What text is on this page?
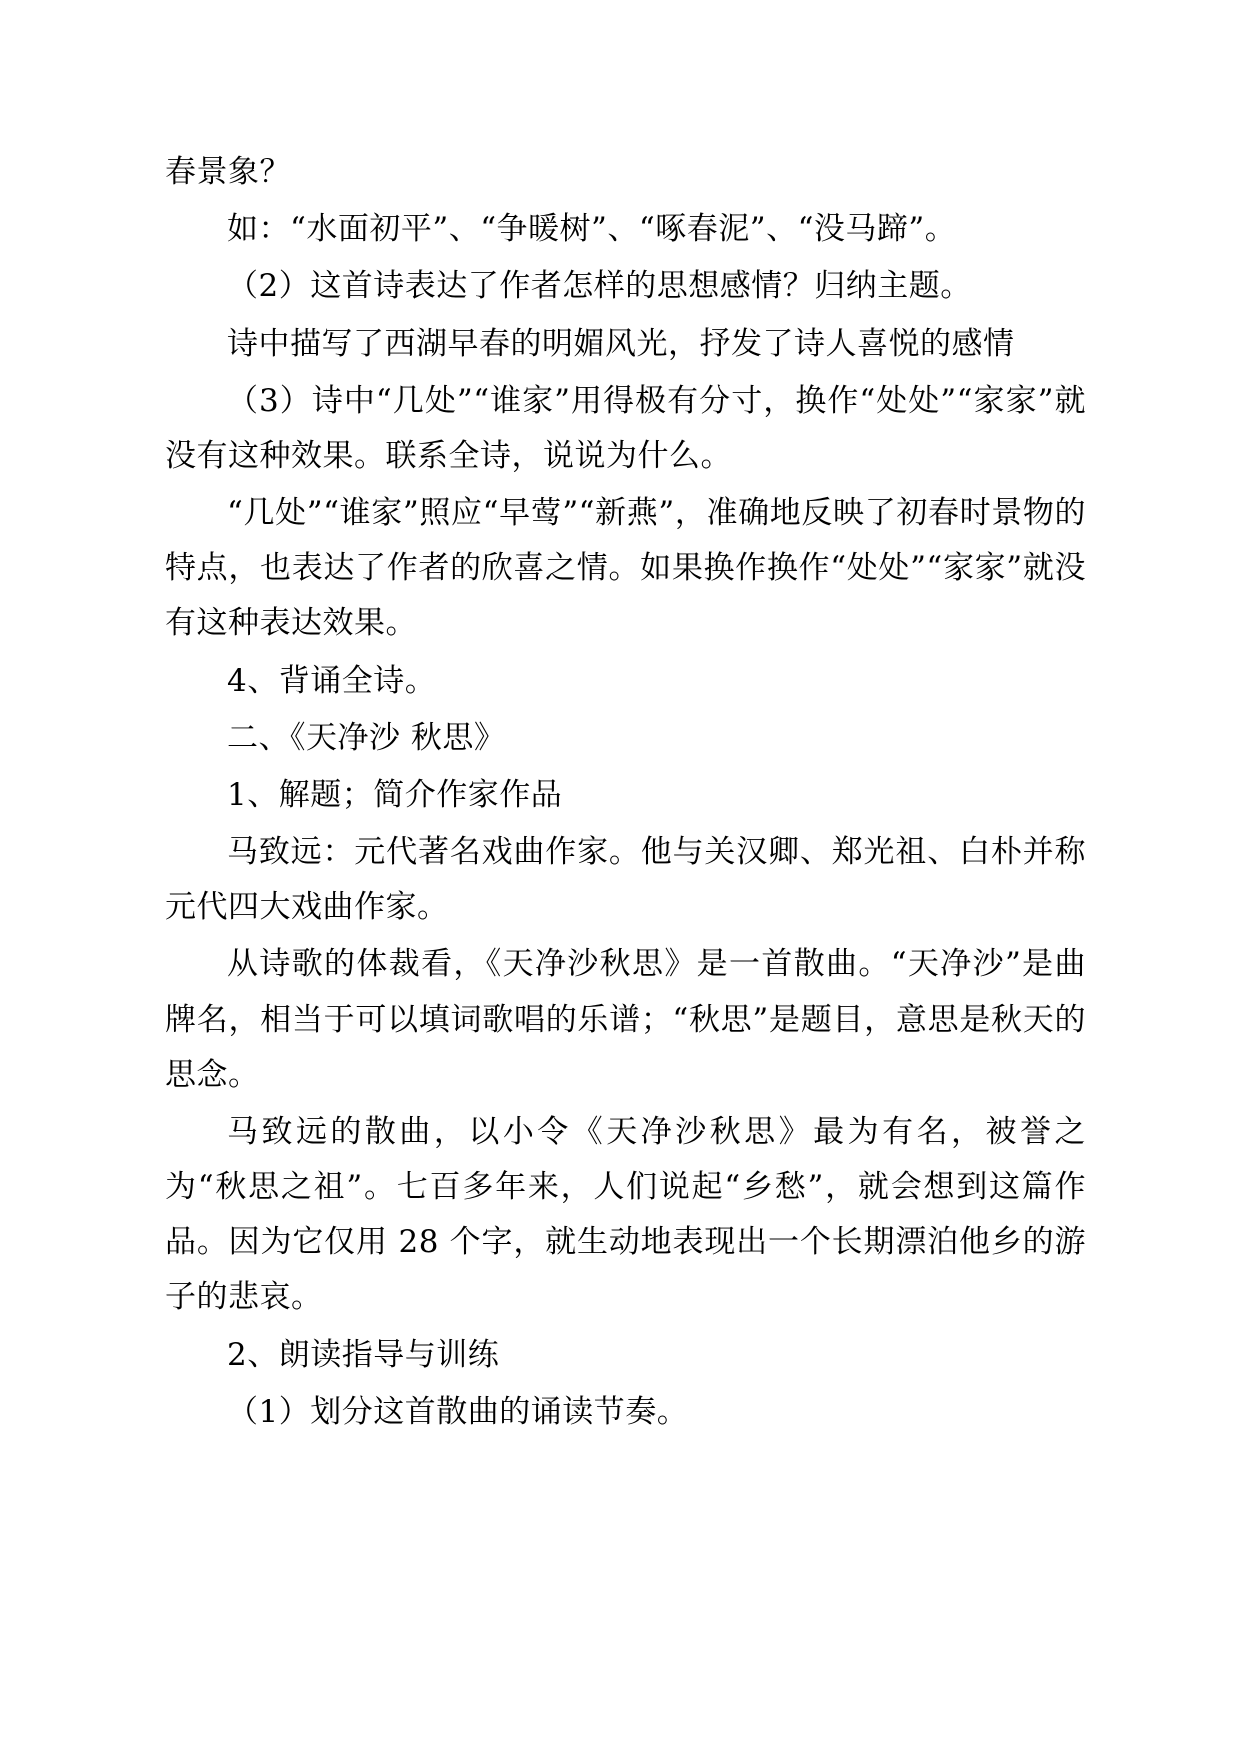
春景象？

如：“水面初平”、“争暖树”、“啄春泥”、“没马蹄”。

（2）这首诗表达了作者怎样的思想感情？归纳主题。

诗中描写了西湖早春的明媚风光，抒发了诗人喜悦的感情

（3）诗中“几处”“谁家”用得极有分寸，换作“处处”“家家”就没有这种效果。联系全诗，说说为什么。

“几处”“谁家”照应“早莺”“新燕”，准确地反映了初春时景物的特点，也表达了作者的欣喜之情。如果换作换作“处处”“家家”就没有这种表达效果。

4、背诵全诗。

二、《天净沙 秋思》

1、解题；简介作家作品

马致远：元代著名戏曲作家。他与关汉卿、郑光祖、白朴并称元代四大戏曲作家。

从诗歌的体裁看，《天净沙秋思》是一首散曲。“天净沙”是曲牌名，相当于可以填词歌唱的乐谱；“秋思”是题目，意思是秋天的思念。

马致远的散曲，以小令《天净沙秋思》最为有名，被誉之为“秋思之祖”。七百多年来，人们说起“乡愁”，就会想到这篇作品。因为它仅用 28 个字，就生动地表现出一个长期漂泊他乡的游子的悲哀。

2、朗读指导与训练

（1）划分这首散曲的诵读节奏。
